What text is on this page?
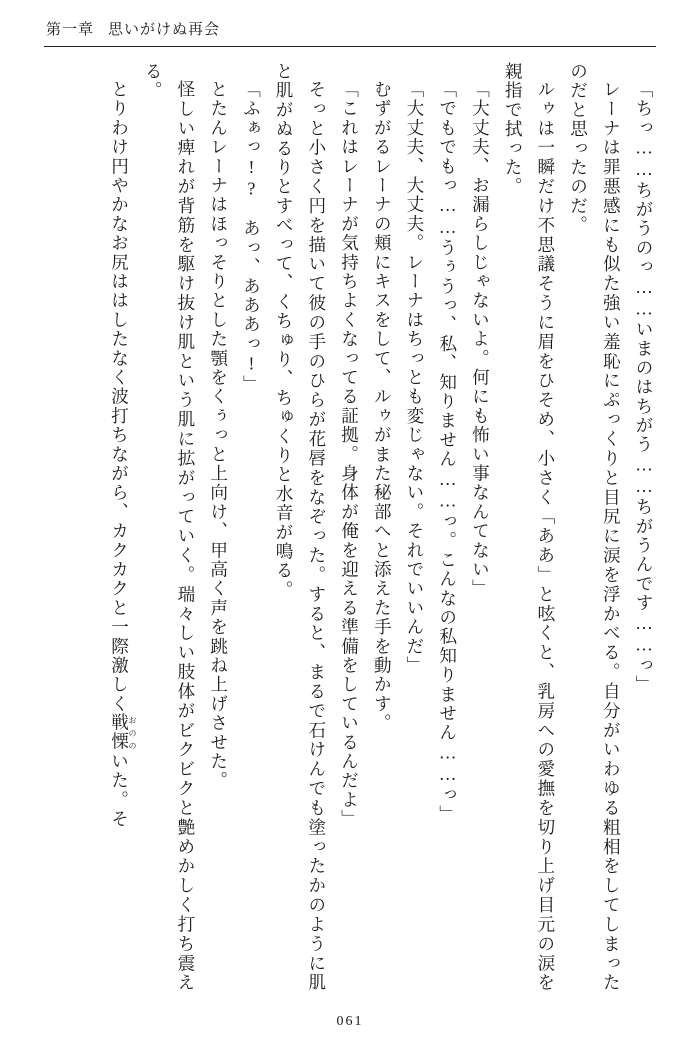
第一章 思いがけぬ再会

「ちっ……ちがうのっ……いまのはちがう……ちがうんです……っ」

レーナは罪悪感にも似た強い羞恥にぷっくりと目尻に涙を浮かべる。自分がいわゆる粗相をしてしまったのだと思ったのだ。

ルゥは一瞬だけ不思議そうに眉をひそめ、小さく「ああ」と呟くと、乳房への愛撫を切り上げ目元の涙を親指で拭った。

「大丈夫、お漏らしじゃないよ。何にも怖い事なんてない」

「でもでもっ……うぅうっ、私、知りません……っ。こんなの私知りません……っ」

「大丈夫、大丈夫。レーナはちっとも変じゃない。それでいいんだ」

むずがるレーナの頬にキスをして、ルゥがまた秘部へと添えた手を動かす。

「これはレーナが気持ちよくなってる証拠。身体が俺を迎える準備をしているんだよ」

そっと小さく円を描いて彼の手のひらが花唇をなぞった。すると、まるで石けんでも塗ったかのように肌と肌がぬるりとすべって、くちゅり、ちゅくりと水音が鳴る。

「ふぁっ!?　あっ、あああっ!」

とたんレーナはほっそりとした顎をくぅっと上向け、甲高く声を跳ね上げさせた。

怪しい痺れが背筋を駆け抜け肌という肌に拡がっていく。瑞々しい肢体がビクビクと艶めかしく打ち震える。

とりわけ円やかなお尻ははしたなく波打ちながら、カクカクと一際激しく戦慄おののいた。そ

061
